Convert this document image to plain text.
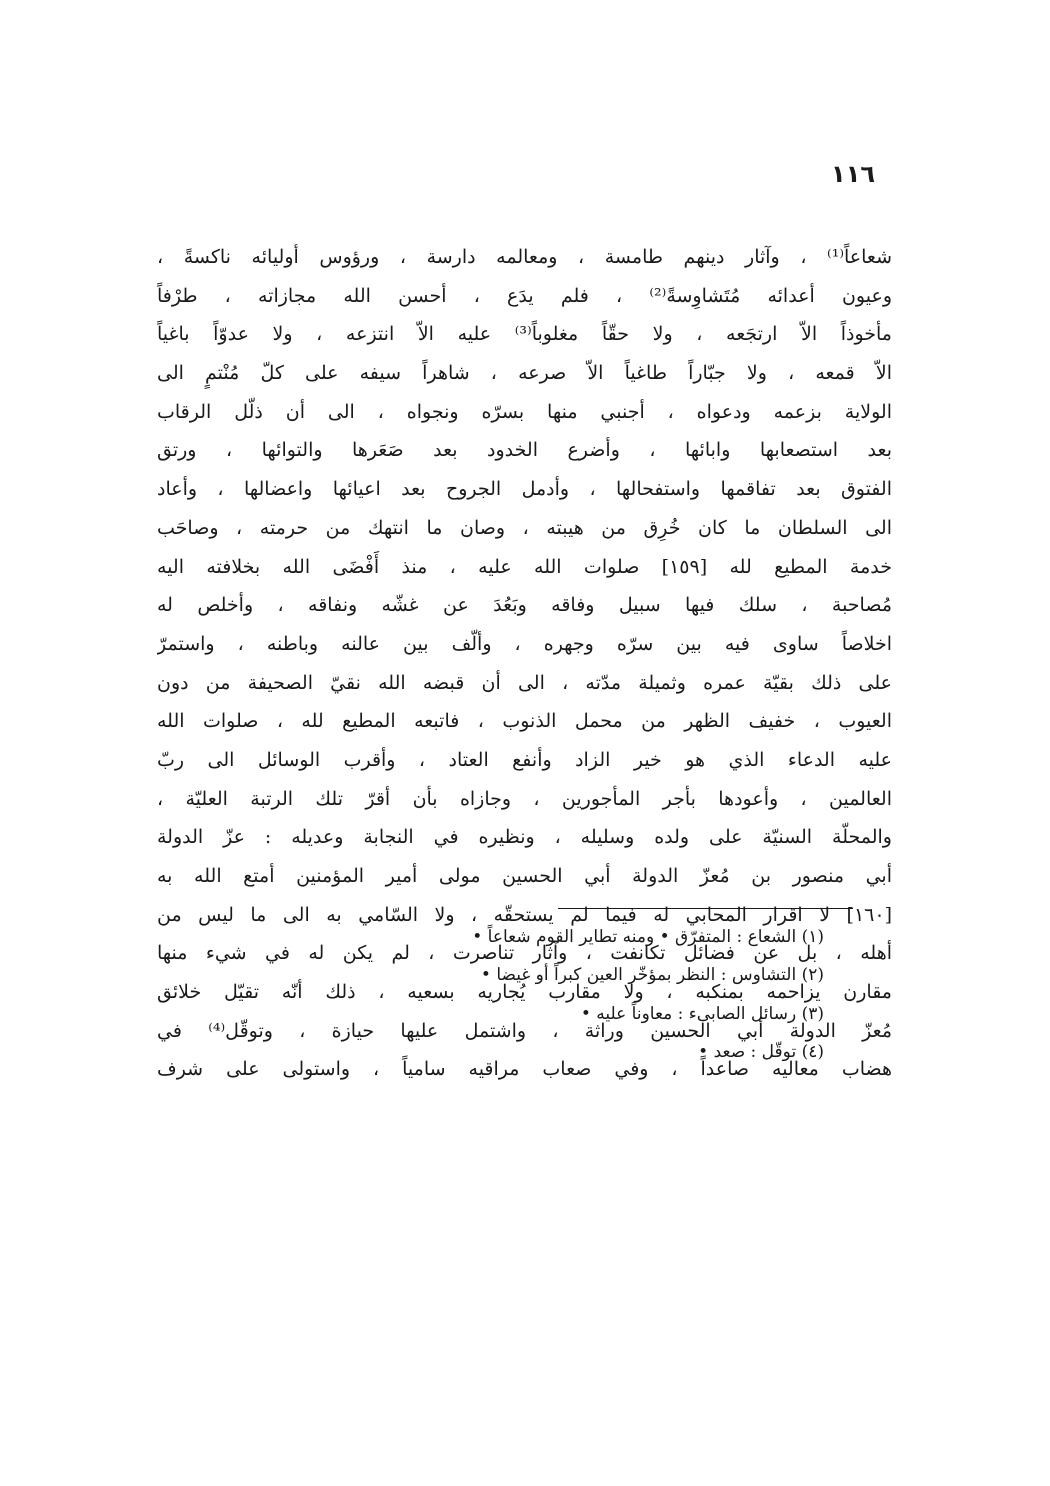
١١٦
شعاعاً⁽¹⁾ ، وآثار دينهم طامسة ، ومعالمه دارسة ، ورؤوس أوليائه ناكسةً ،
وعيون أعدائه مُتَشاوِسةً⁽²⁾ ، فلم يدَع ، أحسن الله مجازاته ، طرْفاً
مأخوذاً الاّ ارتجَعه ، ولا حقّاً مغلوباً⁽³⁾ عليه الاّ انتزعه ، ولا عدوّاً باغياً
الاّ قمعه ، ولا جبّاراً طاغياً الاّ صرعه ، شاهراً سيفه على كلّ مُنْتمٍ الى
الولاية بزعمه ودعواه ، أجنبي منها بسرّه ونجواه ، الى أن ذلّل الرقاب
بعد استصعابها وابائها ، وأضرع الخدود بعد صَعَرها والتوائها ، ورتق
الفتوق بعد تفاقمها واستفحالها ، وأدمل الجروح بعد اعيائها واعضالها ، وأعاد
الى السلطان ما كان خُرِق من هيبته ، وصان ما انتهك من حرمته ، وصاحَب
خدمة المطيع لله [١٥٩] صلوات الله عليه ، منذ أَفْضَى الله بخلافته اليه
مُصاحبة ، سلك فيها سبيل وفاقه وبَعُدَ عن غشّه ونفاقه ، وأخلص له
اخلاصاً ساوى فيه بين سرّه وجهره ، وألّف بين عالنه وباطنه ، واستمرّ
على ذلك بقيّة عمره وثميلة مدّته ، الى أن قبضه الله نقيّ الصحيفة من دون
العيوب ، خفيف الظهر من محمل الذنوب ، فاتبعه المطيع لله ، صلوات الله
عليه الدعاء الذي هو خير الزاد وأنفع العتاد ، وأقرب الوسائل الى ربّ
العالمين ، وأعودها بأجر المأجورين ، وجازاه بأن أقرّ تلك الرتبة العليّة ،
والمحلّة السنيّة على ولده وسليله ، ونظيره في النجابة وعديله : عزّ الدولة
أبي منصور بن مُعزّ الدولة أبي الحسين مولى أمير المؤمنين أمتع الله به
[١٦٠] لا اقرار المحابي له فيما لم يستحقّه ، ولا السّامي به الى ما ليس من
أهله ، بل عن فضائل تكانفت ، وآثار تناصرت ، لم يكن له في شيء منها
مقارن يزاحمه بمنكبه ، ولا مقارب يُجاريه بسعيه ، ذلك أنّه تقيّل خلائق
مُعزّ الدولة أبي الحسين وراثة ، واشتمل عليها حيازة ، وتوقّل⁽⁴⁾ في
هضاب معاليه صاعداً ، وفي صعاب مراقيه سامياً ، واستولى على شرف
(١) الشعاع : المتفرّق • ومنه تطاير القوم شعاعاً •
(٢) التشاوس : النظر بمؤخّر العين كبراً أو غيضا •
(٣) رسائل الصابىء : معاوناً عليه •
(٤) توقّل : صعد •
